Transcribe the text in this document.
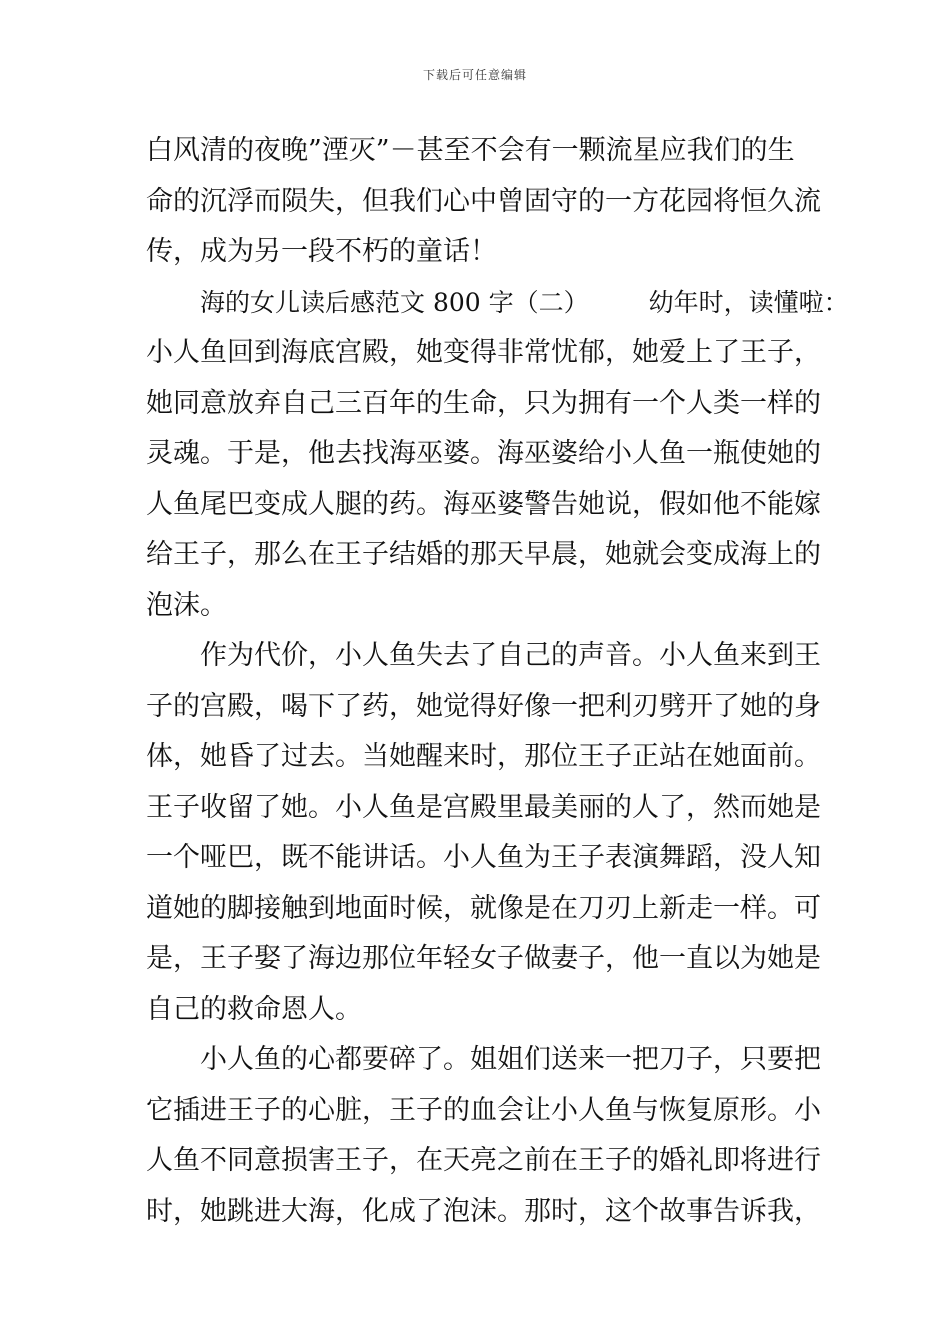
下载后可任意编辑
白风清的夜晚”湮灭”－甚至不会有一颗流星应我们的生
命的沉浮而陨失，但我们心中曾固守的一方花园将恒久流
传，成为另一段不朽的童话！
海的女儿读后感范文 800 字（二） 幼年时，读懂啦：
小人鱼回到海底宫殿，她变得非常忧郁，她爱上了王子，
她同意放弃自己三百年的生命，只为拥有一个人类一样的
灵魂。于是，他去找海巫婆。海巫婆给小人鱼一瓶使她的
人鱼尾巴变成人腿的药。海巫婆警告她说，假如他不能嫁
给王子，那么在王子结婚的那天早晨，她就会变成海上的
泡沫。
作为代价，小人鱼失去了自己的声音。小人鱼来到王
子的宫殿，喝下了药，她觉得好像一把利刃劈开了她的身
体，她昏了过去。当她醒来时，那位王子正站在她面前。
王子收留了她。小人鱼是宫殿里最美丽的人了，然而她是
一个哑巴，既不能讲话。小人鱼为王子表演舞蹈，没人知
道她的脚接触到地面时候，就像是在刀刃上新走一样。可
是，王子娶了海边那位年轻女子做妻子，他一直以为她是
自己的救命恩人。
小人鱼的心都要碎了。姐姐们送来一把刀子，只要把
它插进王子的心脏，王子的血会让小人鱼与恢复原形。小
人鱼不同意损害王子，在天亮之前在王子的婚礼即将进行
时，她跳进大海，化成了泡沫。那时，这个故事告诉我，
